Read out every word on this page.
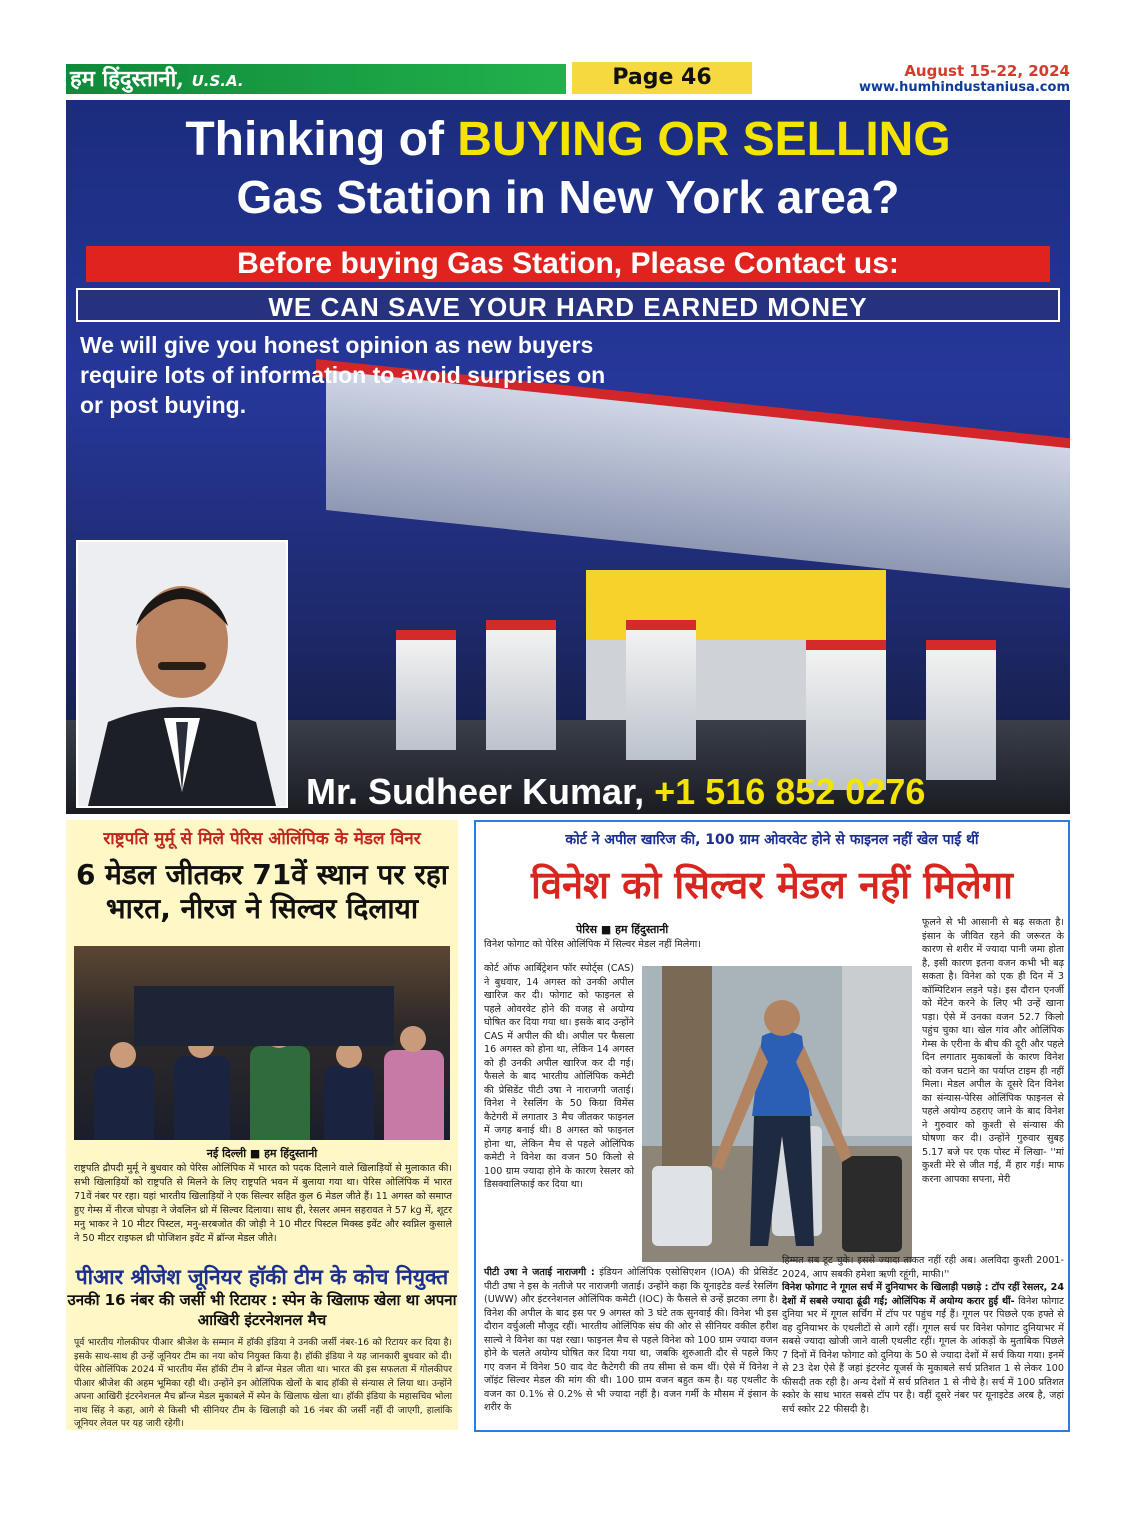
हम हिंदुस्तानी, U.S.A.	Page 46	August 15-22, 2024
www.humhindustaniusa.com
Thinking of BUYING OR SELLING
Gas Station in New York area?
Before buying Gas Station, Please Contact us:
WE CAN SAVE YOUR HARD EARNED MONEY
We will give you honest opinion as new buyers require lots of information to avoid surprises on or post buying.
Mr. Sudheer Kumar, +1 516 852 0276
राष्ट्रपति मुर्मू से मिले पेरिस ओलिंपिक के मेडल विनर
6 मेडल जीतकर 71वें स्थान पर रहा भारत, नीरज ने सिल्वर दिलाया
नई दिल्ली ■ हम हिंदुस्तानी
राष्ट्रपति द्रौपदी मुर्मू ने बुधवार को पेरिस ओलिंपिक में भारत को पदक दिलाने वाले खिलाड़ियों से मुलाकात की। सभी खिलाड़ियों को राष्ट्रपति से मिलने के लिए राष्ट्रपति भवन में बुलाया गया था। पेरिस ओलिंपिक में भारत 71वें नंबर पर रहा। यहां भारतीय खिलाड़ियों ने एक सिल्वर सहित कुल 6 मेडल जीते हैं। 11 अगस्त को समाप्त हुए गेम्स में नीरज चोपड़ा ने जेवलिन थ्रो में सिल्वर दिलाया। साथ ही, रेसलर अमन सहरावत ने 57 kg में, शूटर मनु भाकर ने 10 मीटर पिस्टल, मनु-सरबजोत की जोड़ी ने 10 मीटर पिस्टल मिक्स्ड इवेंट और स्वप्निल कुसाले ने 50 मीटर राइफल थ्री पोजिशन इवेंट में ब्रॉन्ज मेडल जीते।
पीआर श्रीजेश जूनियर हॉकी टीम के कोच नियुक्त
उनकी 16 नंबर की जर्सी भी रिटायर : स्पेन के खिलाफ खेला था अपना आखिरी इंटरनेशनल मैच
पूर्व भारतीय गोलकीपर पीआर श्रीजेश के सम्मान में हॉकी इंडिया ने उनकी जर्सी नंबर-16 को रिटायर कर दिया है। इसके साथ-साथ ही उन्हें जूनियर टीम का नया कोच नियुक्त किया है। हॉकी इंडिया ने यह जानकारी बुधवार को दी। पेरिस ओलिंपिक 2024 में भारतीय मेंस हॉकी टीम ने ब्रॉन्ज मेडल जीता था। भारत की इस सफलता में गोलकीपर पीआर श्रीजेश की अहम भूमिका रही थी। उन्होंने इन ओलिंपिक खेलों के बाद हॉकी से संन्यास ले लिया था। उन्होंने अपना आखिरी इंटरनेशनल मैच ब्रॉन्ज मेडल मुकाबले में स्पेन के खिलाफ खेला था। हॉकी इंडिया के महासचिव भोला नाथ सिंह ने कहा, आगे से किसी भी सीनियर टीम के खिलाड़ी को 16 नंबर की जर्सी नहीं दी जाएगी, हालांकि जूनियर लेवल पर यह जारी रहेगी।
कोर्ट ने अपील खारिज की, 100 ग्राम ओवरवेट होने से फाइनल नहीं खेल पाई थीं
विनेश को सिल्वर मेडल नहीं मिलेगा
पेरिस ■ हम हिंदुस्तानी
विनेश फोगाट को पेरिस ओलिंपिक में सिल्वर मेडल नहीं मिलेगा।
कोर्ट ऑफ आर्बिट्रेशन फॉर स्पोर्ट्स (CAS) ने बुधवार, 14 अगस्त को उनकी अपील खारिज कर दी। फोगाट को फाइनल से पहले ओवरवेट होने की वजह से अयोग्य घोषित कर दिया गया था। इसके बाद उन्होंने CAS में अपील की थी। अपील पर फैसला 16 अगस्त को होना था, लेकिन 14 अगस्त को ही उनकी अपील खारिज कर दी गई। फैसले के बाद भारतीय ओलिंपिक कमेटी की प्रेसिडेंट पीटी उषा ने नाराजगी जताई। विनेश ने रेसलिंग के 50 किग्रा विमेंस कैटेगरी में लगातार 3 मैच जीतकर फाइनल में जगह बनाई थी। 8 अगस्त को फाइनल होना था, लेकिन मैच से पहले ओलिंपिक कमेटी ने विनेश का वजन 50 किलो से 100 ग्राम ज्यादा होने के कारण रेसलर को डिसक्वालिफाई कर दिया था।
फूलने से भी आसानी से बढ़ सकता है। इंसान के जीवित रहने की जरूरत के कारण से शरीर में ज्यादा पानी जमा होता है, इसी कारण इतना वजन कभी भी बढ़ सकता है। विनेश को एक ही दिन में 3 कॉम्पिटिशन लड़ने पड़े। इस दौरान एनर्जी को मेंटेन करने के लिए भी उन्हें खाना पड़ा। ऐसे में उनका वजन 52.7 किलो पहुंच चुका था। खेल गांव और ओलिंपिक गेम्स के एरीना के बीच की दूरी और पहले दिन लगातार मुकाबलों के कारण विनेश को वजन घटाने का पर्याप्त टाइम ही नहीं मिला। मेडल अपील के दूसरे दिन विनेश का संन्यास-पेरिस ओलिंपिक फाइनल से पहले अयोग्य ठहराए जाने के बाद विनेश ने गुरुवार को कुश्ती से संन्यास की घोषणा कर दी। उन्होंने गुरुवार सुबह 5.17 बजे पर एक पोस्ट में लिखा- ''मां कुश्ती मेरे से जीत गई, मैं हार गई। माफ करना आपका सपना, मेरी
पीटी उषा ने जताई नाराजगी : इंडियन ओलिंपिक एसोसिएशन (IOA) की प्रेसिडेंट पीटी उषा ने इस के नतीजे पर नाराजगी जताई। उन्होंने कहा कि यूनाइटेड वर्ल्ड रेसलिंग (UWW) और इंटरनेशनल ओलिंपिक कमेटी (IOC) के फैसले से उन्हें झटका लगा है। विनेश की अपील के बाद इस पर 9 अगस्त को 3 घंटे तक सुनवाई की। विनेश भी इस दौरान वर्चुअली मौजूद रहीं। भारतीय ओलिंपिक संघ की ओर से सीनियर वकील हरीश साल्वे ने विनेश का पक्ष रखा। फाइनल मैच से पहले विनेश को 100 ग्राम ज्यादा वजन होने के चलते अयोग्य घोषित कर दिया गया था, जबकि शुरुआती दौर से पहले किए गए वजन में विनेश 50 वाद वेट कैटेगरी की तय सीमा से कम थीं। ऐसे में विनेश ने जॉइंट सिल्वर मेडल की मांग की थी। 100 ग्राम वजन बहुत कम है। यह एथलीट के वजन का 0.1% से 0.2% से भी ज्यादा नहीं है। वजन गर्मी के मौसम में इंसान के शरीर के
हिम्मत सब टूट चुके। इससे ज्यादा ताकत नहीं रही अब। अलविदा कुश्ती 2001-2024, आप सबकी हमेशा ऋणी रहूंगी, माफी।''
विनेश फोगाट ने गूगल सर्च में दुनियाभर के खिलाड़ी पछाड़े : टॉप रहीं रेसलर, 24 देशों में सबसे ज्यादा ढूंढी गईं; ओलिंपिक में अयोग्य करार हुई थीं- विनेश फोगाट दुनिया भर में गूगल सर्चिंग में टॉप पर पहुंच गईं हैं। गूगल पर पिछले एक हफ्ते से वह दुनियाभर के एथलीटों से आगे रहीं। गूगल सर्च पर विनेश फोगाट दुनियाभर में सबसे ज्यादा खोजी जाने वाली एथलीट रहीं। गूगल के आंकड़ों के मुताबिक पिछले 7 दिनों में विनेश फोगाट को दुनिया के 50 से ज्यादा देशों में सर्च किया गया। इनमें से 23 देश ऐसे हैं जहां इंटरनेट यूजर्स के मुकाबले सर्च प्रतिशत 1 से लेकर 100 फीसदी तक रही है। अन्य देशों में सर्च प्रतिशत 1 से नीचे है। सर्च में 100 प्रतिशत स्कोर के साथ भारत सबसे टॉप पर है। वहीं दूसरे नंबर पर यूनाइटेड अरब है, जहां सर्च स्कोर 22 फीसदी है।
